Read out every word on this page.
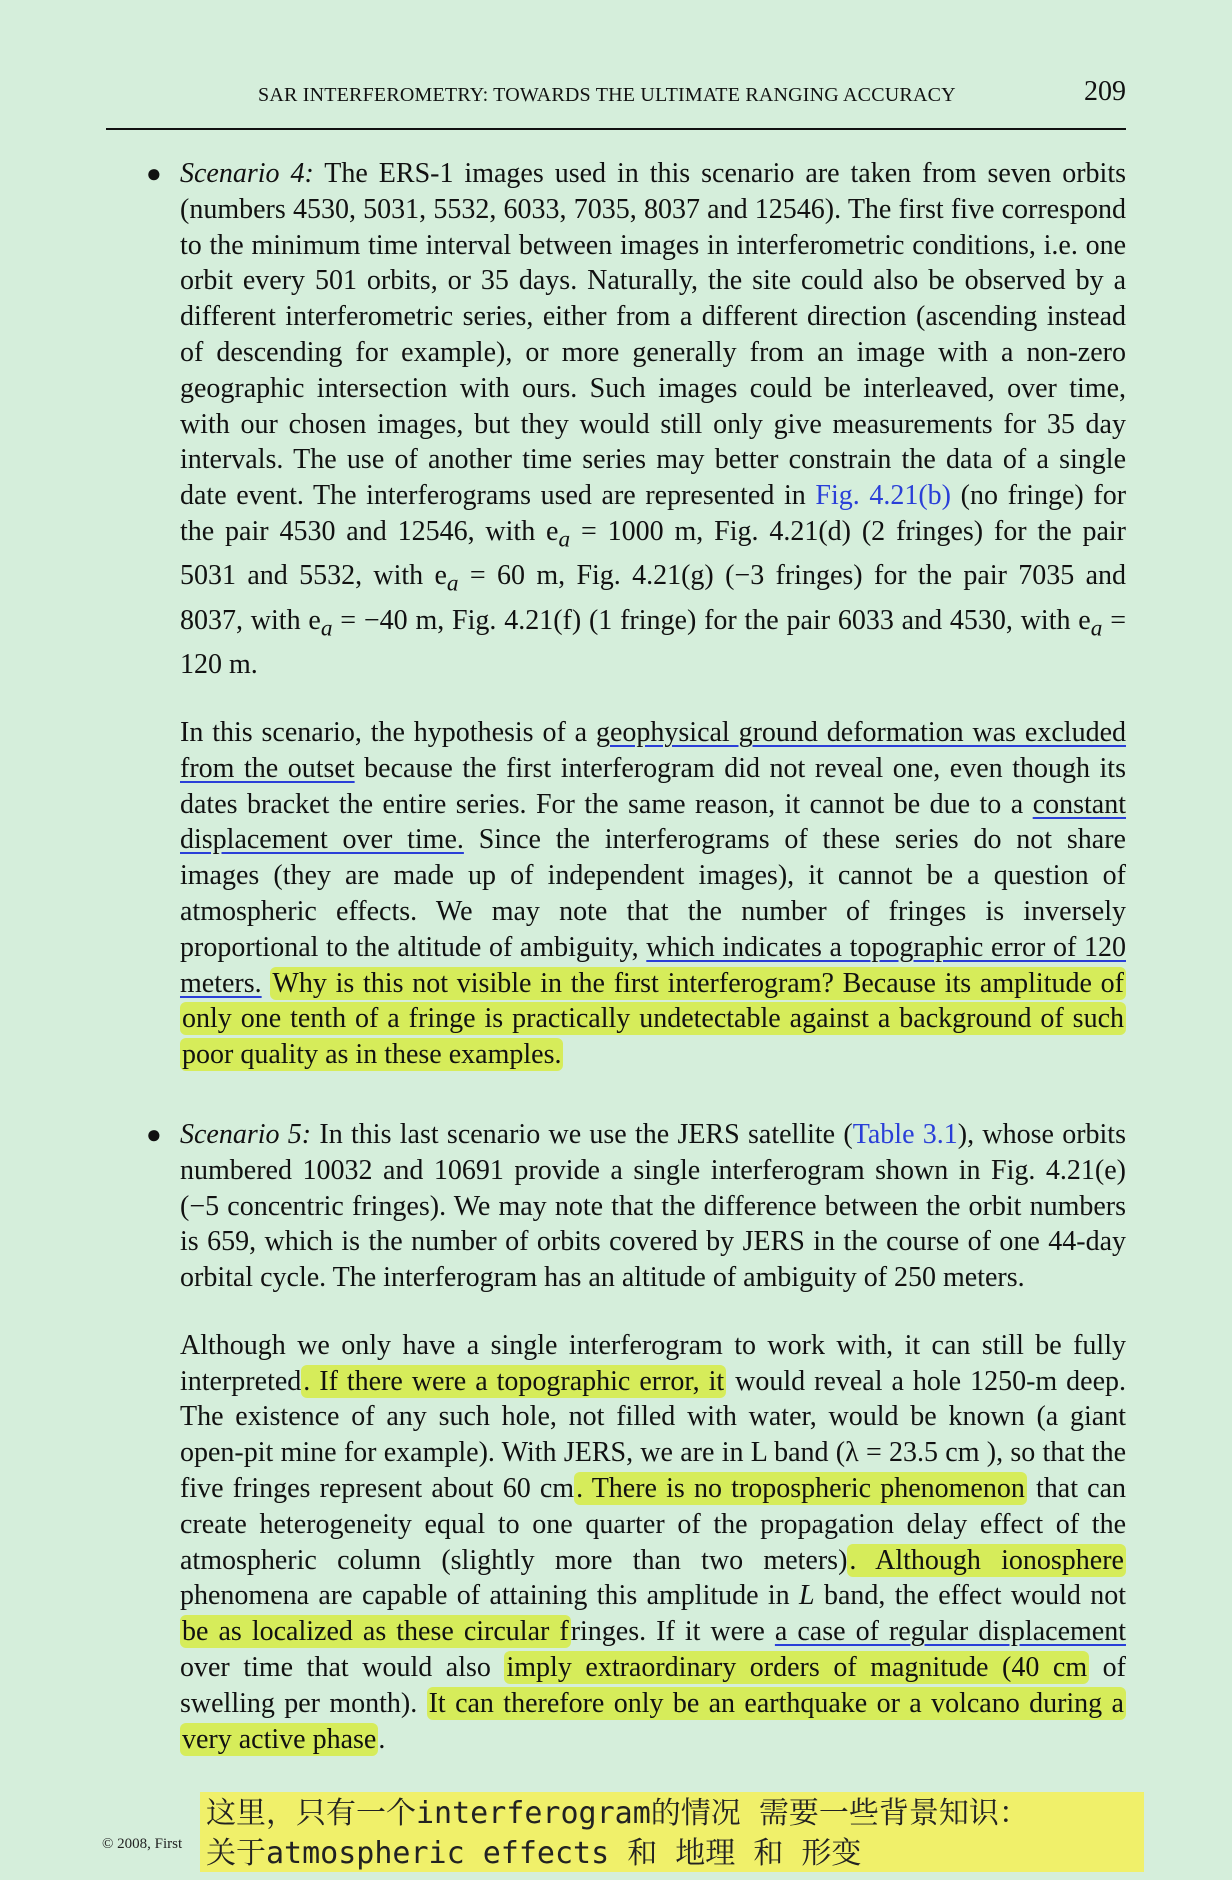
SAR INTERFEROMETRY: TOWARDS THE ULTIMATE RANGING ACCURACY	209
● Scenario 4: The ERS-1 images used in this scenario are taken from seven orbits (numbers 4530, 5031, 5532, 6033, 7035, 8037 and 12546). The first five correspond to the minimum time interval between images in interferometric conditions, i.e. one orbit every 501 orbits, or 35 days. Naturally, the site could also be observed by a different interferometric series, either from a different direction (ascending instead of descending for example), or more generally from an image with a non-zero geographic intersection with ours. Such images could be interleaved, over time, with our chosen images, but they would still only give measurements for 35 day intervals. The use of another time series may better constrain the data of a single date event. The interferograms used are represented in Fig. 4.21(b) (no fringe) for the pair 4530 and 12546, with $e_a = 1000$ m, Fig. 4.21(d) (2 fringes) for the pair 5031 and 5532, with $e_a = 60$ m, Fig. 4.21(g) (−3 fringes) for the pair 7035 and 8037, with $e_a = -40$ m, Fig. 4.21(f) (1 fringe) for the pair 6033 and 4530, with $e_a = 120$ m.

In this scenario, the hypothesis of a geophysical ground deformation was excluded from the outset because the first interferogram did not reveal one, even though its dates bracket the entire series. For the same reason, it cannot be due to a constant displacement over time. Since the interferograms of these series do not share images (they are made up of independent images), it cannot be a question of atmospheric effects. We may note that the number of fringes is inversely proportional to the altitude of ambiguity, which indicates a topographic error of 120 meters. Why is this not visible in the first interferogram? Because its amplitude of only one tenth of a fringe is practically undetectable against a background of such poor quality as in these examples.

● Scenario 5: In this last scenario we use the JERS satellite (Table 3.1), whose orbits numbered 10032 and 10691 provide a single interferogram shown in Fig. 4.21(e) (−5 concentric fringes). We may note that the difference between the orbit numbers is 659, which is the number of orbits covered by JERS in the course of one 44-day orbital cycle. The interferogram has an altitude of ambiguity of 250 meters.

Although we only have a single interferogram to work with, it can still be fully interpreted. If there were a topographic error, it would reveal a hole 1250-m deep. The existence of any such hole, not filled with water, would be known (a giant open-pit mine for example). With JERS, we are in L band (λ = 23.5 cm ), so that the five fringes represent about 60 cm. There is no tropospheric phenomenon that can create heterogeneity equal to one quarter of the propagation delay effect of the atmospheric column (slightly more than two meters). Although ionosphere phenomena are capable of attaining this amplitude in L band, the effect would not be as localized as these circular fringes. If it were a case of regular displacement over time that would also imply extraordinary orders of magnitude (40 cm of swelling per month). It can therefore only be an earthquake or a volcano during a very active phase.

© 2008, First
这里，只有一个interferogram的情况 需要一些背景知识：
关于atmospheric effects 和 地理 和 形变
